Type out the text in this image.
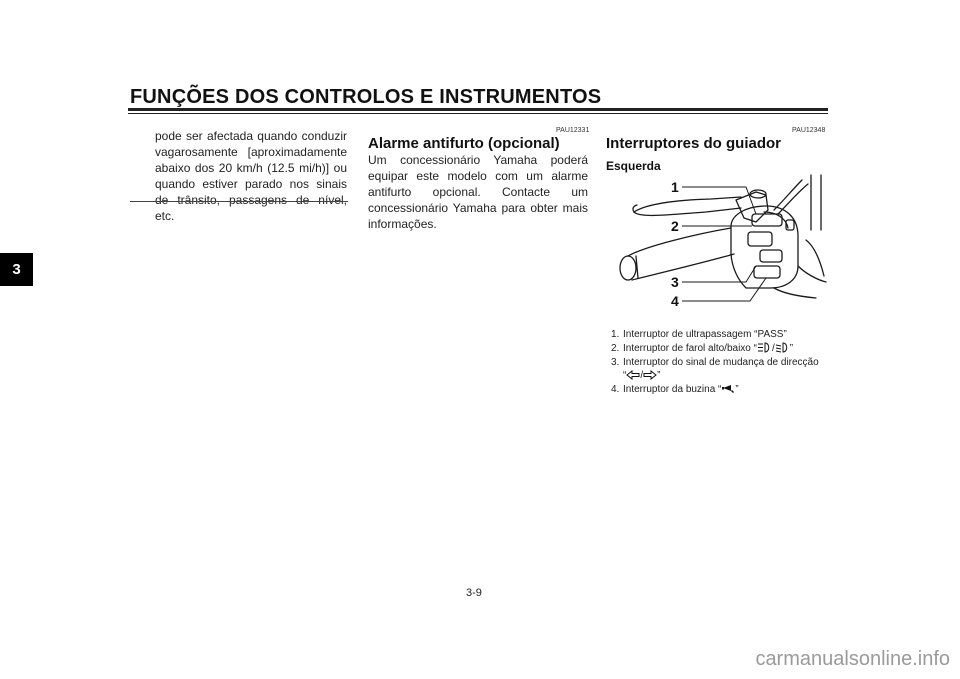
FUNÇÕES DOS CONTROLOS E INSTRUMENTOS
3

pode ser afectada quando conduzir vagarosamente [aproximadamente abaixo dos 20 km/h (12.5 mi/h)] ou quando estiver parado nos sinais de trânsito, passagens de nível, etc.

PAU12331
Alarme antifurto (opcional)

Um concessionário Yamaha poderá equipar este modelo com um alarme antifurto opcional. Contacte um concessionário Yamaha para obter mais informações.

PAU12348
Interruptores do guiador
Esquerda
1
2
3
4
1. Interruptor de ultrapassagem “PASS”
2. Interruptor de farol alto/baixo “ / ”
3. Interruptor do sinal de mudança de direcção “ / ”
4. Interruptor da buzina “ ”
3-9
carmanualsonline.info
